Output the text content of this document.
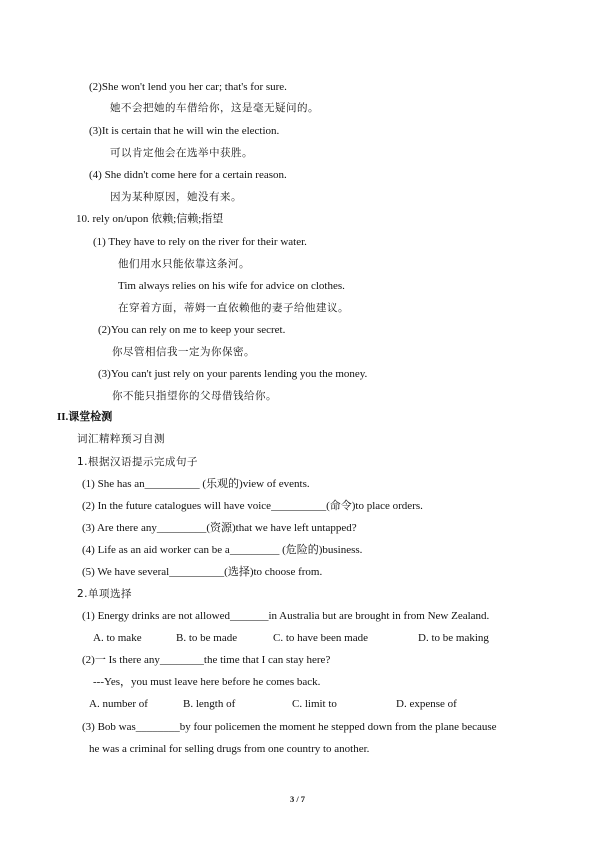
(2)She won't lend you her car; that's for sure.
她不会把她的车借给你，这是毫无疑问的。
(3)It is certain that he will win the election.
可以肯定他会在选举中获胜。
(4) She didn't come here for a certain reason.
因为某种原因，她没有来。
10. rely on/upon 依赖;信赖;指望
(1) They have to rely on the river for their water.
他们用水只能依靠这条河。
Tim always relies on his wife for advice on clothes.
在穿着方面，蒂姆一直依赖他的妻子给他建议。
(2)You can rely on me to keep your secret.
你尽管相信我一定为你保密。
(3)You can't just rely on your parents lending you the money.
你不能只指望你的父母借钱给你。
II.课堂检测
词汇精粹预习自测
1.根据汉语提示完成句子
(1) She has an__________ (乐观的)view of events.
(2) In the future catalogues will have voice__________(命令)to place orders.
(3) Are there any_________(资源)that we have left untapped?
(4) Life as an aid worker can be a_________ (危险的)business.
(5) We have several__________(选择)to choose from.
2.单项选择
(1) Energy drinks are not allowed_______in Australia but are brought in from New Zealand.
A. to make	B. to be made	C. to have been made	D. to be making
(2)一 Is there any________the time that I can stay here?
---Yes，you must leave here before he comes back.
A. number of	B. length of	C. limit to	D. expense of
(3) Bob was________by four policemen the moment he stepped down from the plane because
he was a criminal for selling drugs from one country to another.
3 / 7
